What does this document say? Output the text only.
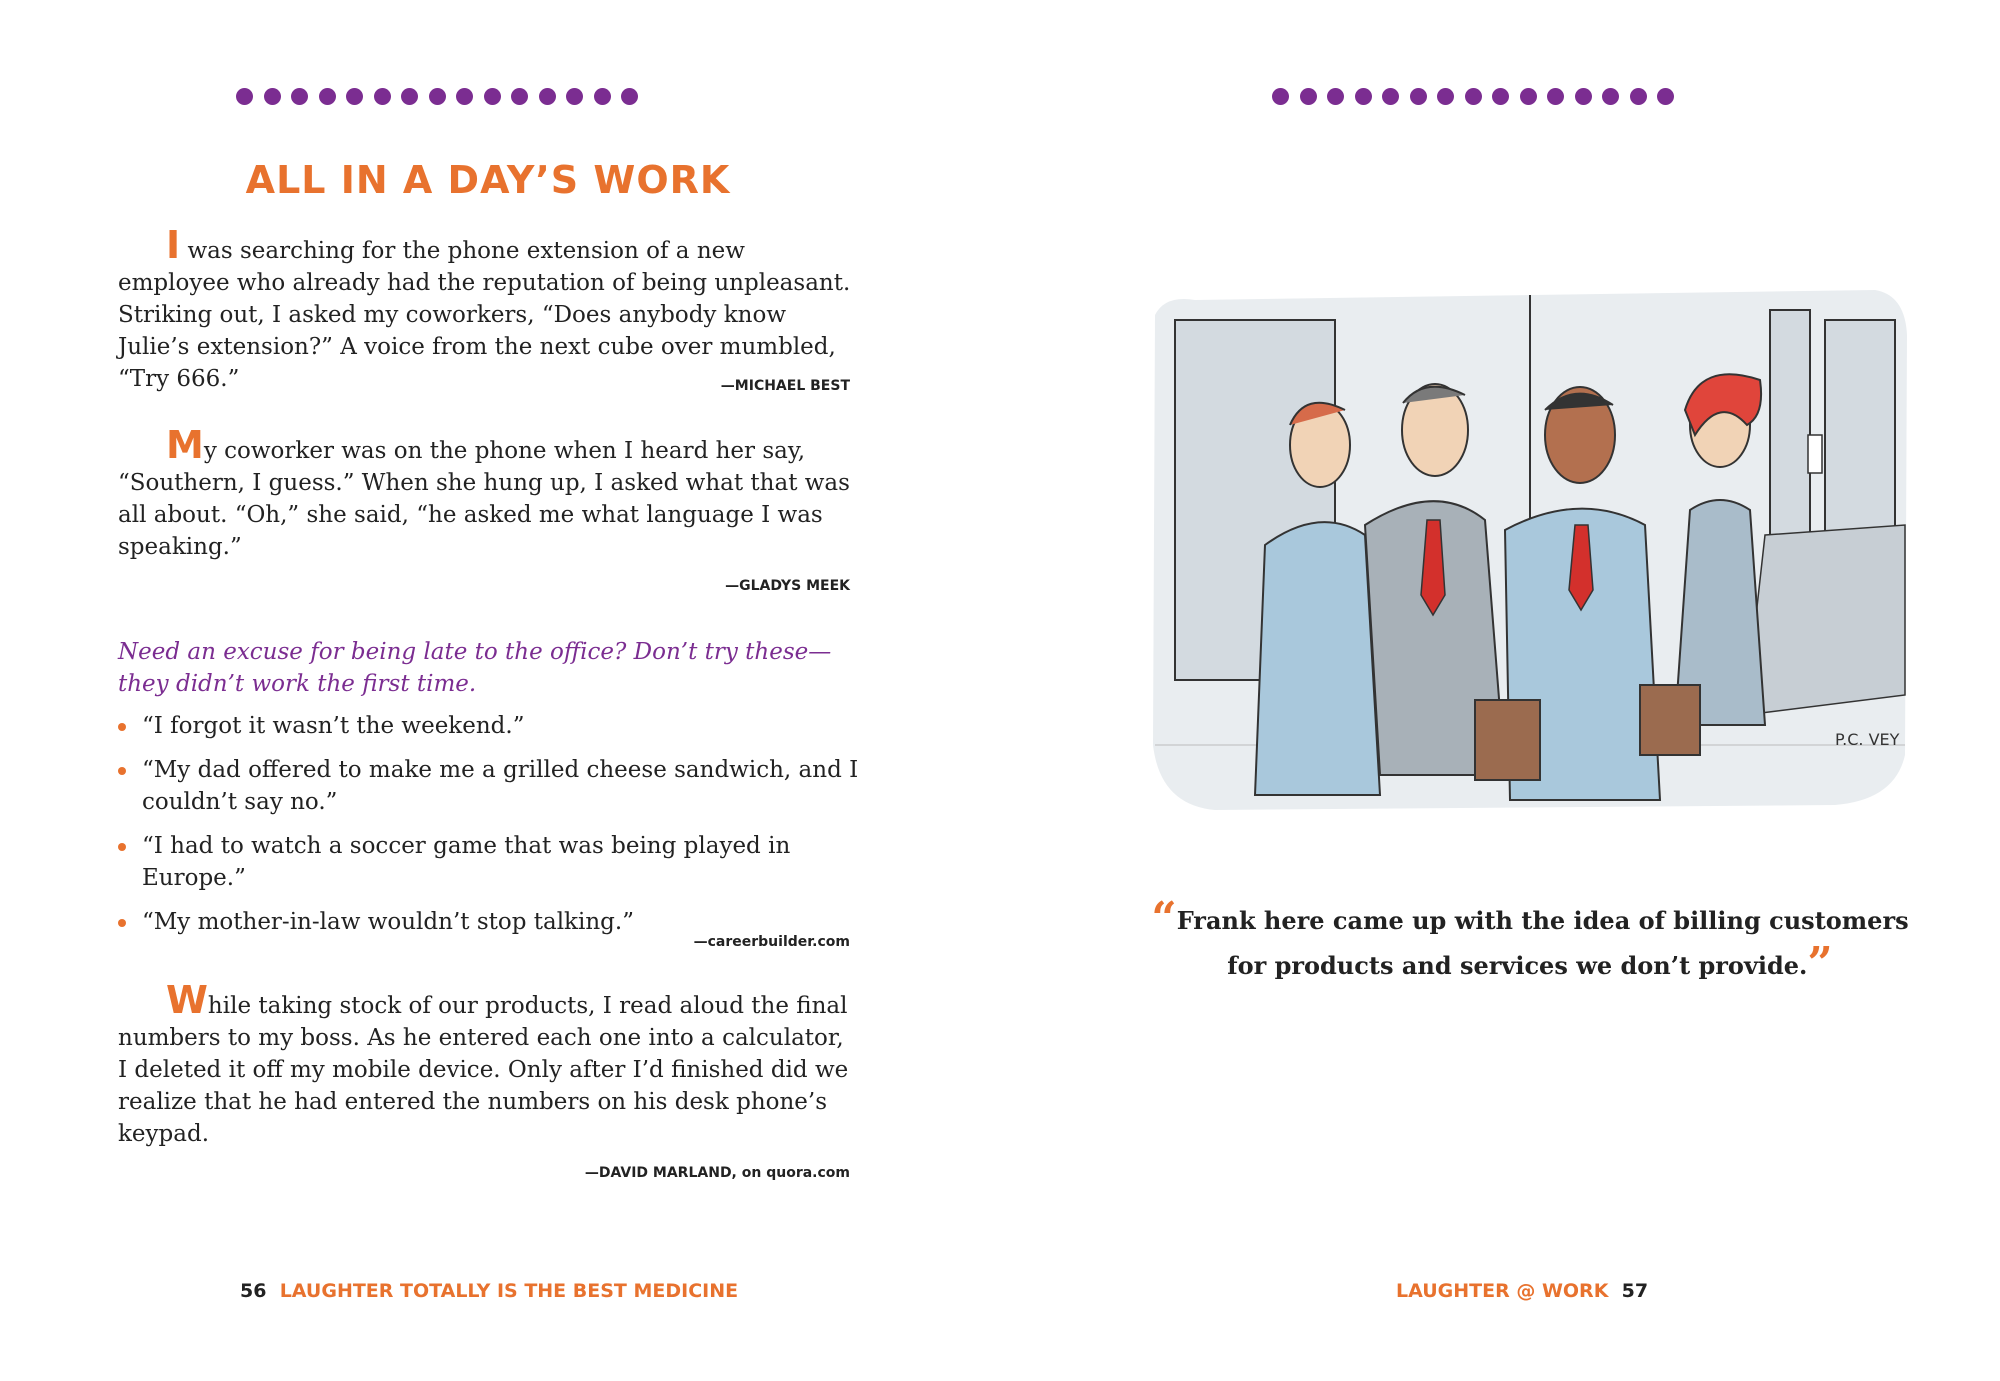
ALL IN A DAY’S WORK

I was searching for the phone extension of a new employee who already had the reputation of being unpleasant. Striking out, I asked my coworkers, “Does anybody know Julie’s extension?” A voice from the next cube over mumbled, “Try 666.”	—MICHAEL BEST

My coworker was on the phone when I heard her say, “Southern, I guess.” When she hung up, I asked what that was all about. “Oh,” she said, “he asked me what language I was speaking.”

—GLADYS MEEK

Need an excuse for being late to the office? Don’t try these—they didn’t work the first time.

“I forgot it wasn’t the weekend.”
“My dad offered to make me a grilled cheese sandwich, and I couldn’t say no.”
“I had to watch a soccer game that was being played in Europe.”
“My mother-in-law wouldn’t stop talking.”

—careerbuilder.com

While taking stock of our products, I read aloud the final numbers to my boss. As he entered each one into a calculator, I deleted it off my mobile device. Only after I’d finished did we realize that he had entered the numbers on his desk phone’s keypad.

—DAVID MARLAND, on quora.com

56 LAUGHTER TOTALLY IS THE BEST MEDICINE
P.C. VEY

“Frank here came up with the idea of billing customers for products and services we don’t provide.”

LAUGHTER @ WORK 57
